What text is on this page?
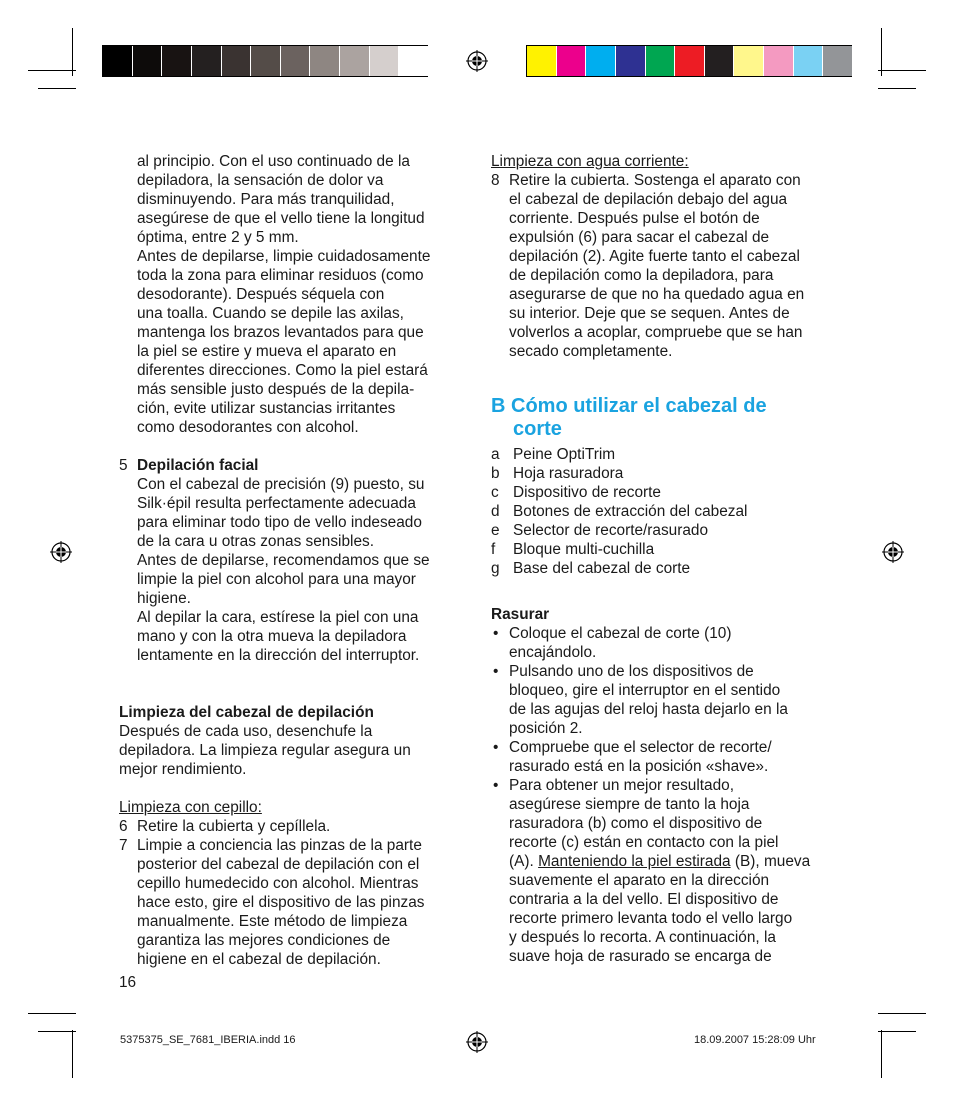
al principio. Con el uso continuado de la
depiladora, la sensación de dolor va
disminuyendo. Para más tranquilidad,
asegúrese de que el vello tiene la longitud
óptima, entre 2 y 5 mm.
Antes de depilarse, limpie cuidadosamente
toda la zona para eliminar residuos (como
desodorante). Después séquela con
una toalla. Cuando se depile las axilas,
mantenga los brazos levantados para que
la piel se estire y mueva el aparato en
diferentes direcciones. Como la piel estará
más sensible justo después de la depila-
ción, evite utilizar sustancias irritantes
como desodorantes con alcohol.
5 Depilación facial
Con el cabezal de precisión (9) puesto, su
Silk·épil resulta perfectamente adecuada
para eliminar todo tipo de vello indeseado
de la cara u otras zonas sensibles.
Antes de depilarse, recomendamos que se
limpie la piel con alcohol para una mayor
higiene.
Al depilar la cara, estírese la piel con una
mano y con la otra mueva la depiladora
lentamente en la dirección del interruptor.
Limpieza del cabezal de depilación
Después de cada uso, desenchufe la
depiladora. La limpieza regular asegura un
mejor rendimiento.
Limpieza con cepillo:
6 Retire la cubierta y cepíllela.
7 Limpie a conciencia las pinzas de la parte
posterior del cabezal de depilación con el
cepillo humedecido con alcohol. Mientras
hace esto, gire el dispositivo de las pinzas
manualmente. Este método de limpieza
garantiza las mejores condiciones de
higiene en el cabezal de depilación.
16
Limpieza con agua corriente:
8 Retire la cubierta. Sostenga el aparato con
el cabezal de depilación debajo del agua
corriente. Después pulse el botón de
expulsión (6) para sacar el cabezal de
depilación (2). Agite fuerte tanto el cabezal
de depilación como la depiladora, para
asegurarse de que no ha quedado agua en
su interior. Deje que se sequen. Antes de
volverlos a acoplar, compruebe que se han
secado completamente.
B Cómo utilizar el cabezal de
corte
a Peine OptiTrim
b Hoja rasuradora
c Dispositivo de recorte
d Botones de extracción del cabezal
e Selector de recorte/rasurado
f Bloque multi-cuchilla
g Base del cabezal de corte
Rasurar
• Coloque el cabezal de corte (10)
encajándolo.
• Pulsando uno de los dispositivos de
bloqueo, gire el interruptor en el sentido
de las agujas del reloj hasta dejarlo en la
posición 2.
• Compruebe que el selector de recorte/
rasurado está en la posición «shave».
• Para obtener un mejor resultado,
asegúrese siempre de tanto la hoja
rasuradora (b) como el dispositivo de
recorte (c) están en contacto con la piel
(A). Manteniendo la piel estirada (B), mueva
suavemente el aparato en la dirección
contraria a la del vello. El dispositivo de
recorte primero levanta todo el vello largo
y después lo recorta. A continuación, la
suave hoja de rasurado se encarga de
5375375_SE_7681_IBERIA.indd 16	18.09.2007 15:28:09 Uhr
